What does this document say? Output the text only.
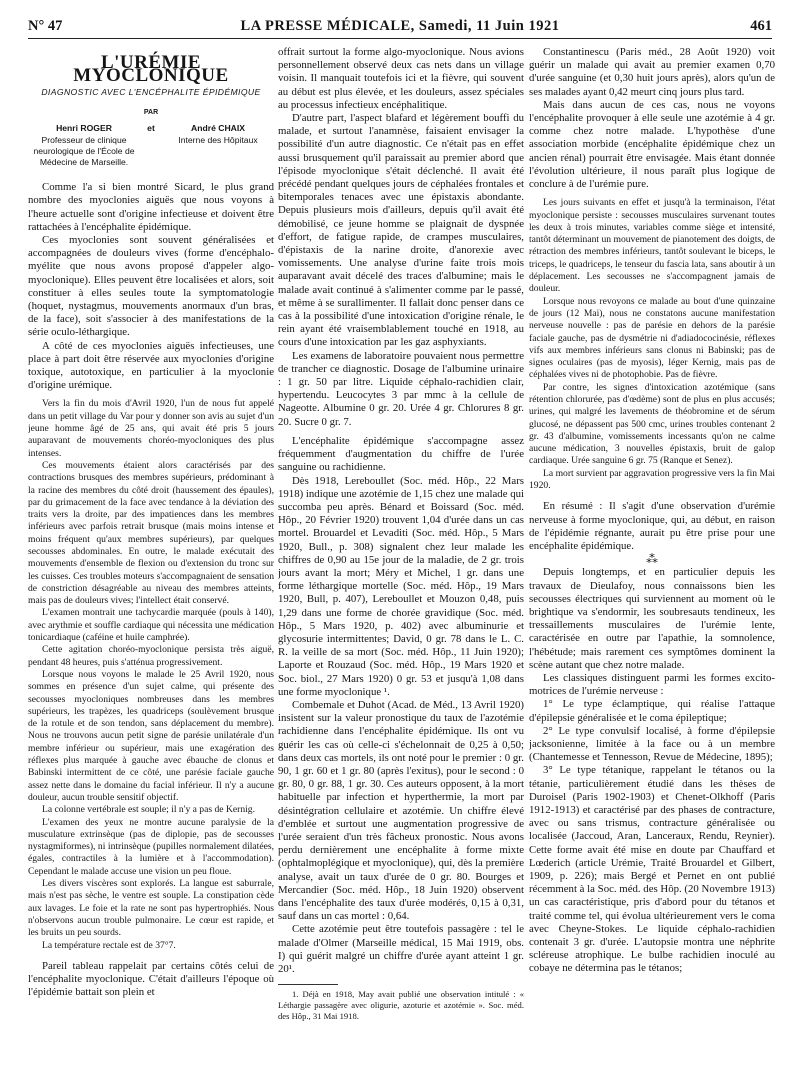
N° 47	LA PRESSE MÉDICALE, Samedi, 11 Juin 1921	461
L'URÉMIE MYOCLONIQUE
DIAGNOSTIC AVEC L'ENCÉPHALITE ÉPIDÉMIQUE
PAR
Henri ROGER
Professeur de clinique neurologique de l'École de Médecine de Marseille.
et	André CHAIX
Interne des Hôpitaux

Comme l'a si bien montré Sicard, le plus grand nombre des myoclonies aiguës que nous voyons à l'heure actuelle sont d'origine infectieuse et doivent être rattachées à l'encéphalite épidémique.

Ces myoclonies sont souvent généralisées et accompagnées de douleurs vives (forme d'encéphalo-myélite que nous avons proposé d'appeler algo-myoclonique). Elles peuvent être localisées et alors, soit constituer à elles seules toute la symptomatologie (hoquet, nystagmus, mouvements anormaux d'un bras, de la face), soit s'associer à des manifestations de la série oculo-léthargique.

A côté de ces myoclonies aiguës infectieuses, une place à part doit être réservée aux myoclonies d'origine toxique, autotoxique, en particulier à la myoclonie d'origine urémique.

Vers la fin du mois d'Avril 1920, l'un de nous fut appelé dans un petit village du Var pour y donner son avis au sujet d'un jeune homme âgé de 25 ans, qui avait été pris 5 jours auparavant de mouvements choréo-myocloniques des plus intenses.

Ces mouvements étaient alors caractérisés par des contractions brusques des membres supérieurs, prédominant à la racine des membres du côté droit (haussement des épaules), par du grimacement de la face avec tendance à la déviation des traits vers la droite, par des impatiences dans les membres inférieurs avec parfois retrait brusque (mais moins intense et moins fréquent qu'aux membres supérieurs), par quelques secousses abdominales. En outre, le malade exécutait des mouvements d'ensemble de flexion ou d'extension du tronc sur les cuisses. Ces troubles moteurs s'accompagnaient de sensation de constriction désagréable au niveau des membres atteints, mais pas de douleurs vives; l'intellect était conservé.

L'examen montrait une tachycardie marquée (pouls à 140), avec arythmie et souffle cardiaque qui nécessita une médication tonicardiaque (caféine et huile camphrée).

Cette agitation choréo-myoclonique persista très aiguë, pendant 48 heures, puis s'atténua progressivement.

Lorsque nous voyons le malade le 25 Avril 1920, nous sommes en présence d'un sujet calme, qui présente des secousses myocloniques nombreuses dans les membres supérieurs, les trapèzes, les quadriceps (soulèvement brusque de la rotule et de son tendon, sans déplacement du membre). Nous ne trouvons aucun petit signe de parésie unilatérale d'un membre inférieur ou supérieur, mais une exagération des réflexes plus marquée à gauche avec ébauche de clonus et Babinski intermittent de ce côté, une parésie faciale gauche assez nette dans le domaine du facial inférieur. Il n'y a aucune douleur, aucun trouble sensitif objectif.

La colonne vertébrale est souple; il n'y a pas de Kernig.

L'examen des yeux ne montre aucune paralysie de la musculature extrinsèque (pas de diplopie, pas de secousses nystagmiformes), ni intrinsèque (pupilles normalement dilatées, égales, contractiles à la lumière et à l'accommodation). Cependant le malade accuse une vision un peu floue.

Les divers viscères sont explorés. La langue est saburrale, mais n'est pas sèche, le ventre est souple. La constipation cède aux lavages. Le foie et la rate ne sont pas hypertrophiés. Nous n'observons aucun trouble pulmonaire. Le cœur est rapide, et les bruits un peu sourds.

La température rectale est de 37°7.

Pareil tableau rappelait par certains côtés celui de l'encéphalite myoclonique. C'était d'ailleurs l'époque où l'épidémie battait son plein et

offrait surtout la forme algo-myoclonique. Nous avions personnellement observé deux cas nets dans un village voisin. Il manquait toutefois ici et la fièvre, qui souvent au début est plus élevée, et les douleurs, assez spéciales au processus infectieux encéphalitique.

D'autre part, l'aspect blafard et légèrement bouffi du malade, et surtout l'anamnèse, faisaient envisager la possibilité d'un autre diagnostic. Ce n'était pas en effet aussi brusquement qu'il paraissait au premier abord que l'épisode myoclonique s'était déclenché. Il avait été précédé pendant quelques jours de céphalées frontales et bitemporales tenaces avec une épistaxis abondante. Depuis plusieurs mois d'ailleurs, depuis qu'il avait été démobilisé, ce jeune homme se plaignait de dyspnée d'effort, de fatigue rapide, de crampes musculaires, d'épistaxis de la narine droite, d'anorexie avec vomissements. Une analyse d'urine faite trois mois auparavant avait décelé des traces d'albumine; mais le malade avait continué à s'alimenter comme par le passé, et même à se surallimenter. Il fallait donc penser dans ce cas à la possibilité d'une intoxication d'origine rénale, le rein ayant été vraisemblablement touché en 1918, au cours d'une intoxication par les gaz asphyxiants.

Les examens de laboratoire pouvaient nous permettre de trancher ce diagnostic. Dosage de l'albumine urinaire : 1 gr. 50 par litre. Liquide céphalo-rachidien clair, hypertendu. Leucocytes 3 par mmc à la cellule de Nageotte. Albumine 0 gr. 20. Urée 4 gr. Chlorures 8 gr. 20. Sucre 0 gr. 7.

L'encéphalite épidémique s'accompagne assez fréquemment d'augmentation du chiffre de l'urée sanguine ou rachidienne.

Dès 1918, Lereboullet (Soc. méd. Hôp., 22 Mars 1918) indique une azotémie de 1,15 chez une malade qui succomba peu après. Bénard et Boissard (Soc. méd. Hôp., 20 Février 1920) trouvent 1,04 d'urée dans un cas mortel. Brouardel et Levaditi (Soc. méd. Hôp., 5 Mars 1920, Bull., p. 308) signalent chez leur malade les chiffres de 0,90 au 15e jour de la maladie, de 2 gr. trois jours avant la mort; Méry et Michel, 1 gr. dans une forme léthargique mortelle (Soc. méd. Hôp., 19 Mars 1920, Bull, p. 407), Lereboullet et Mouzon 0,48, puis 1,29 dans une forme de chorée gravidique (Soc. méd. Hôp., 5 Mars 1920, p. 402) avec albuminurie et glycosurie intermittentes; David, 0 gr. 78 dans le L. C. R. la veille de sa mort (Soc. méd. Hôp., 11 Juin 1920); Laporte et Rouzaud (Soc. méd. Hôp., 19 Mars 1920 et Soc. biol., 27 Mars 1920) 0 gr. 53 et jusqu'à 1,08 dans une forme myoclonique ¹.

Combemale et Duhot (Acad. de Méd., 13 Avril 1920) insistent sur la valeur pronostique du taux de l'azotémie rachidienne dans l'encéphalite épidémique. Ils ont vu guérir les cas où celle-ci s'échelonnait de 0,25 à 0,50; dans deux cas mortels, ils ont noté pour le premier : 0 gr. 90, 1 gr. 60 et 1 gr. 80 (après l'exitus), pour le second : 0 gr. 80, 0 gr. 88, 1 gr. 30. Ces auteurs opposent, à la mort habituelle par infection et hyperthermie, la mort par désintégration cellulaire et azotémie. Un chiffre élevé d'emblée et surtout une augmentation progressive de l'urée seraient d'un très fâcheux pronostic. Nous avons perdu dernièrement une encéphalite à forme mixte (ophtalmoplégique et myoclonique), qui, dès la première analyse, avait un taux d'urée de 0 gr. 80. Bourges et Mercandier (Soc. méd. Hôp., 18 Juin 1920) observent dans l'encéphalite des taux d'urée modérés, 0,15 à 0,31, sauf dans un cas mortel : 0,64.

Cette azotémie peut être toutefois passagère : tel le malade d'Olmer (Marseille médical, 15 Mai 1919, obs. I) qui guérit malgré un chiffre d'urée ayant atteint 1 gr. 20¹.

1. Déjà en 1918, May avait publié une observation intitulé : « Léthargie passagère avec oligurie, azoturie et azotémie ». Soc. méd. des Hôp., 31 Mai 1918.

Constantinescu (Paris méd., 28 Août 1920) voit guérir un malade qui avait au premier examen 0,70 d'urée sanguine (et 0,30 huit jours après), alors qu'un de ses malades ayant 0,42 meurt cinq jours plus tard.

Mais dans aucun de ces cas, nous ne voyons l'encéphalite provoquer à elle seule une azotémie à 4 gr. comme chez notre malade. L'hypothèse d'une association morbide (encéphalite épidémique chez un ancien rénal) pourrait être envisagée. Mais étant donnée l'évolution ultérieure, il nous paraît plus logique de conclure à de l'urémie pure.

Les jours suivants en effet et jusqu'à la terminaison, l'état myoclonique persiste : secousses musculaires survenant toutes les deux à trois minutes, variables comme siège et intensité, tantôt déterminant un mouvement de pianotement des doigts, de rétraction des membres inférieurs, tantôt soulevant le biceps, le triceps, le quadriceps, le tenseur du fascia lata, sans aboutir à un déplacement. Les secousses ne s'accompagnent jamais de douleur.

Lorsque nous revoyons ce malade au bout d'une quinzaine de jours (12 Mai), nous ne constatons aucune manifestation nerveuse nouvelle : pas de parésie en dehors de la parésie faciale gauche, pas de dysmétrie ni d'adiadococinésie, réflexes vifs aux membres inférieurs sans clonus ni Babinski; pas de signes oculaires (pas de myosis), léger Kernig, mais pas de céphalées vives ni de photophobie. Pas de fièvre.

Par contre, les signes d'intoxication azotémique (sans rétention chlorurée, pas d'œdème) sont de plus en plus accusés; urines, qui malgré les lavements de théobromine et de sérum glucosé, ne dépassent pas 500 cmc, urines troubles contenant 2 gr. 43 d'albumine, vomissements incessants qu'on ne calme aucune médication, 3 nouvelles épistaxis, bruit de galop cardiaque. Urée sanguine 6 gr. 75 (Ranque et Senez).

La mort survient par aggravation progressive vers la fin Mai 1920.

En résumé : Il s'agit d'une observation d'urémie nerveuse à forme myoclonique, qui, au début, en raison de l'épidémie régnante, aurait pu être prise pour une encéphalite épidémique.

⁂

Depuis longtemps, et en particulier depuis les travaux de Dieulafoy, nous connaissons bien les secousses électriques qui surviennent au moment où le brightique va s'endormir, les soubresauts tendineux, les tressaillements musculaires de l'urémie lente, caractérisée en outre par l'apathie, la somnolence, l'hébétude; mais rarement ces symptômes dominent la scène autant que chez notre malade.

Les classiques distinguent parmi les formes excito-motrices de l'urémie nerveuse :

1° Le type éclamptique, qui réalise l'attaque d'épilepsie généralisée et le coma épileptique;

2° Le type convulsif localisé, à forme d'épilepsie jacksonienne, limitée à la face ou à un membre (Chantemesse et Tennesson, Revue de Médecine, 1895);

3° Le type tétanique, rappelant le tétanos ou la tétanie, particulièrement étudié dans les thèses de Duroisel (Paris 1902-1903) et Chenet-Olkhoff (Paris 1912-1913) et caractérisé par des phases de contracture, avec ou sans trismus, contracture généralisée ou localisée (Jaccoud, Aran, Lanceraux, Rendu, Reynier). Cette forme avait été mise en doute par Chauffard et Lœderich (article Urémie, Traité Brouardel et Gilbert, 1909, p. 226); mais Bergé et Pernet en ont publié récemment à la Soc. méd. des Hôp. (20 Novembre 1913) un cas caractéristique, pris d'abord pour du tétanos et traité comme tel, qui évolua ultérieurement vers le coma avec Cheyne-Stokes. Le liquide céphalo-rachidien contenait 3 gr. d'urée. L'autopsie montra une néphrite scléreuse atrophique. Le bulbe rachidien inoculé au cobaye ne détermina pas le tétanos;
